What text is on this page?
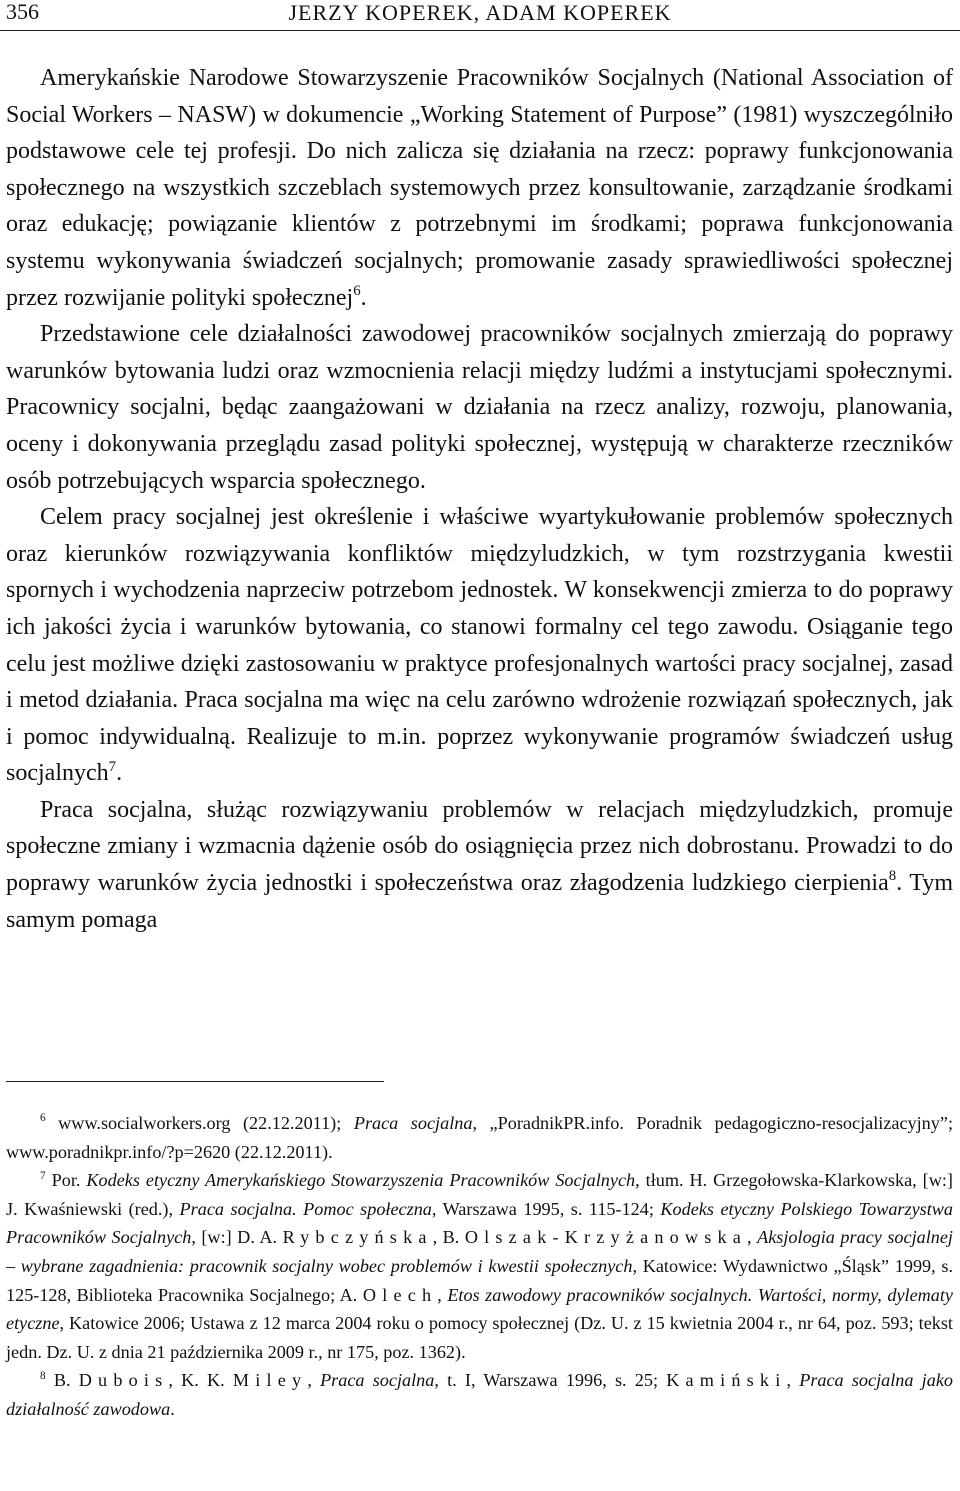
356	JERZY KOPEREK, ADAM KOPEREK

Amerykańskie Narodowe Stowarzyszenie Pracowników Socjalnych (National Association of Social Workers – NASW) w dokumencie „Working Statement of Purpose” (1981) wyszczególniło podstawowe cele tej profesji. Do nich zalicza się działania na rzecz: poprawy funkcjonowania społecznego na wszystkich szczeblach systemowych przez konsultowanie, zarządzanie środkami oraz edukację; powiązanie klientów z potrzebnymi im środkami; poprawa funkcjonowania systemu wykonywania świadczeń socjalnych; promowanie zasady sprawiedliwości społecznej przez rozwijanie polityki społecznej$^6$.

Przedstawione cele działalności zawodowej pracowników socjalnych zmierzają do poprawy warunków bytowania ludzi oraz wzmocnienia relacji między ludźmi a instytucjami społecznymi. Pracownicy socjalni, będąc zaangażowani w działania na rzecz analizy, rozwoju, planowania, oceny i dokonywania przeglądu zasad polityki społecznej, występują w charakterze rzeczników osób potrzebujących wsparcia społecznego.

Celem pracy socjalnej jest określenie i właściwe wyartykułowanie problemów społecznych oraz kierunków rozwiązywania konfliktów międzyludzkich, w tym rozstrzygania kwestii spornych i wychodzenia naprzeciw potrzebom jednostek. W konsekwencji zmierza to do poprawy ich jakości życia i warunków bytowania, co stanowi formalny cel tego zawodu. Osiąganie tego celu jest możliwe dzięki zastosowaniu w praktyce profesjonalnych wartości pracy socjalnej, zasad i metod działania. Praca socjalna ma więc na celu zarówno wdrożenie rozwiązań społecznych, jak i pomoc indywidualną. Realizuje to m.in. poprzez wykonywanie programów świadczeń usług socjalnych$^7$.

Praca socjalna, służąc rozwiązywaniu problemów w relacjach międzyludzkich, promuje społeczne zmiany i wzmacnia dążenie osób do osiągnięcia przez nich dobrostanu. Prowadzi to do poprawy warunków życia jednostki i społeczeństwa oraz złagodzenia ludzkiego cierpienia$^8$. Tym samym pomaga

$^6$ www.socialworkers.org (22.12.2011); Praca socjalna, „PoradnikPR.info. Poradnik pedagogiczno-resocjalizacyjny”; www.poradnikpr.info/?p=2620 (22.12.2011).

$^7$ Por. Kodeks etyczny Amerykańskiego Stowarzyszenia Pracowników Socjalnych, tłum. H. Grzegołowska-Klarkowska, [w:] J. Kwaśniewski (red.), Praca socjalna. Pomoc społeczna, Warszawa 1995, s. 115-124; Kodeks etyczny Polskiego Towarzystwa Pracowników Socjalnych, [w:] D. A. Rybczyńska, B. Olszak-Krzyżanowska, Aksjologia pracy socjalnej – wybrane zagadnienia: pracownik socjalny wobec problemów i kwestii społecznych, Katowice: Wydawnictwo „Śląsk” 1999, s. 125-128, Biblioteka Pracownika Socjalnego; A. Olech, Etos zawodowy pracowników socjalnych. Wartości, normy, dylematy etyczne, Katowice 2006; Ustawa z 12 marca 2004 roku o pomocy społecznej (Dz. U. z 15 kwietnia 2004 r., nr 64, poz. 593; tekst jedn. Dz. U. z dnia 21 października 2009 r., nr 175, poz. 1362).

$^8$ B. Dubois, K. K. Miley, Praca socjalna, t. I, Warszawa 1996, s. 25; Kamiński, Praca socjalna jako działalność zawodowa.
